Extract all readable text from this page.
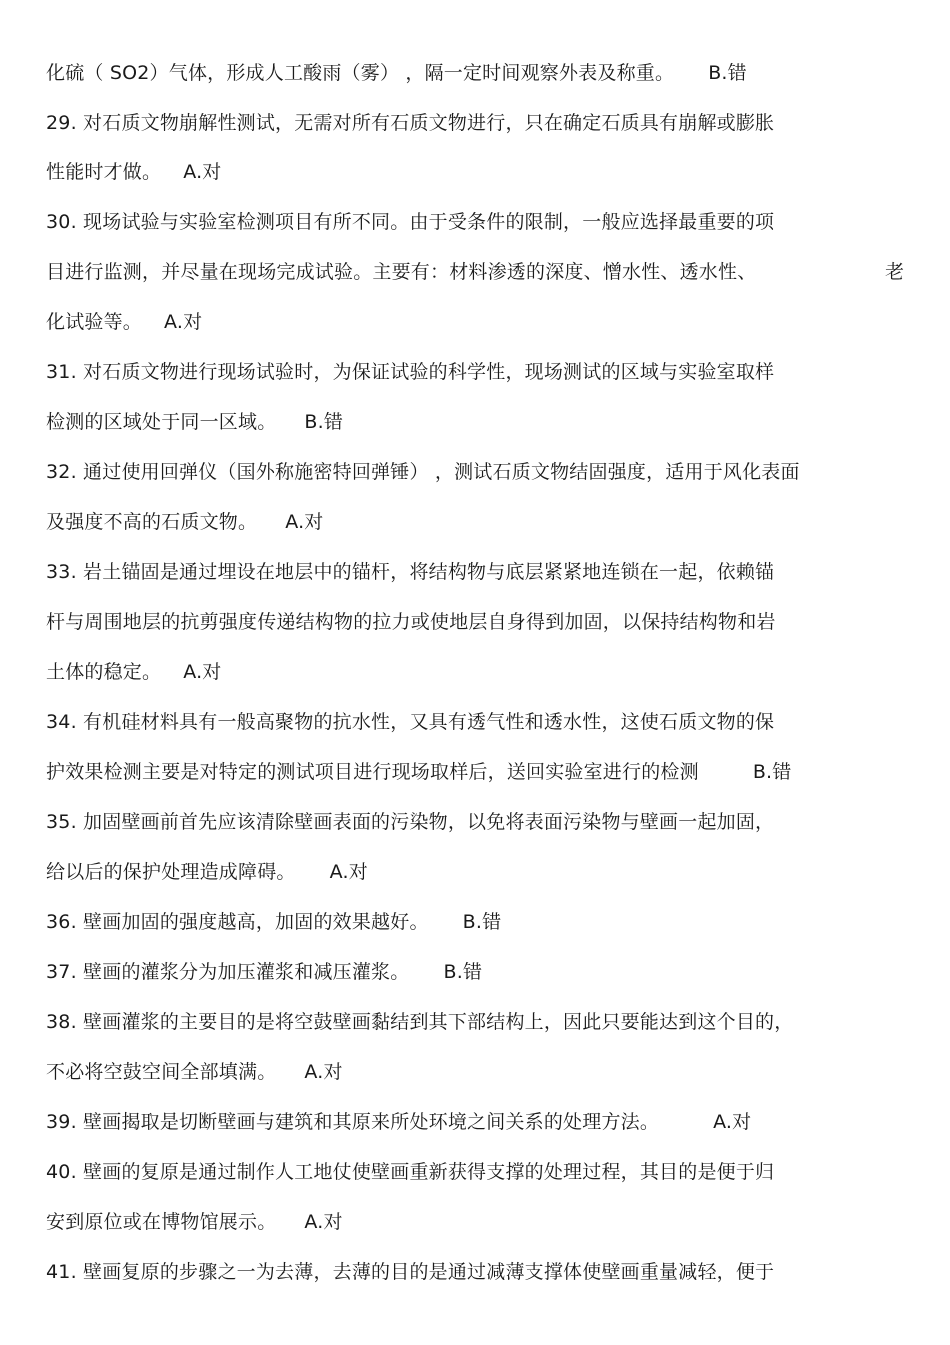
化硫（ SO2）气体，形成人工酸雨（雾） ，隔一定时间观察外表及称重。 B.错
29. 对石质文物崩解性测试，无需对所有石质文物进行，只在确定石质具有崩解或膨胀
性能时才做。 A.对
30. 现场试验与实验室检测项目有所不同。由于受条件的限制，一般应选择最重要的项
目进行监测，并尽量在现场完成试验。主要有：材料渗透的深度、憎水性、透水性、	老
化试验等。 A.对
31. 对石质文物进行现场试验时，为保证试验的科学性，现场测试的区域与实验室取样
检测的区域处于同一区域。 B.错
32. 通过使用回弹仪（国外称施密特回弹锤） ，测试石质文物结固强度，适用于风化表面
及强度不高的石质文物。 A.对
33. 岩土锚固是通过埋设在地层中的锚杆，将结构物与底层紧紧地连锁在一起，依赖锚
杆与周围地层的抗剪强度传递结构物的拉力或使地层自身得到加固，以保持结构物和岩
土体的稳定。 A.对
34. 有机硅材料具有一般高聚物的抗水性，又具有透气性和透水性，这使石质文物的保
护效果检测主要是对特定的测试项目进行现场取样后，送回实验室进行的检测	B.错
35. 加固壁画前首先应该清除壁画表面的污染物，以免将表面污染物与壁画一起加固，
给以后的保护处理造成障碍。 A.对
36. 壁画加固的强度越高，加固的效果越好。 B.错
37. 壁画的灌浆分为加压灌浆和减压灌浆。 B.错
38. 壁画灌浆的主要目的是将空鼓壁画黏结到其下部结构上，因此只要能达到这个目的，
不必将空鼓空间全部填满。 A.对
39. 壁画揭取是切断壁画与建筑和其原来所处环境之间关系的处理方法。	A.对
40. 壁画的复原是通过制作人工地仗使壁画重新获得支撑的处理过程，其目的是便于归
安到原位或在博物馆展示。 A.对
41. 壁画复原的步骤之一为去薄，去薄的目的是通过减薄支撑体使壁画重量减轻，便于
